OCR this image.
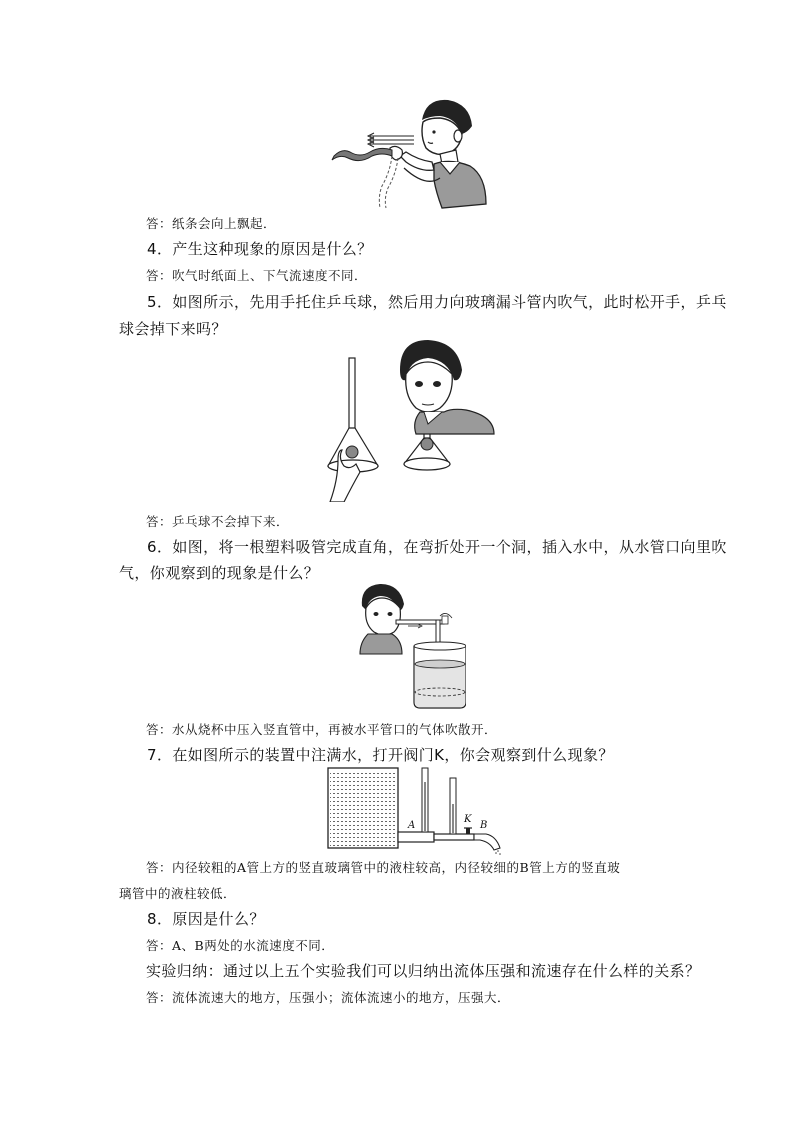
答：纸条会向上飘起．
4．产生这种现象的原因是什么？
答：吹气时纸面上、下气流速度不同．
5．如图所示，先用手托住乒乓球，然后用力向玻璃漏斗管内吹气，此时松开手，乒乓
球会掉下来吗？
答：乒乓球不会掉下来．
6．如图，将一根塑料吸管完成直角，在弯折处开一个洞，插入水中，从水管口向里吹
气，你观察到的现象是什么？
答：水从烧杯中压入竖直管中，再被水平管口的气体吹散开．
7．在如图所示的装置中注满水，打开阀门K，你会观察到什么现象？
A
K
B
答：内径较粗的A管上方的竖直玻璃管中的液柱较高，内径较细的B管上方的竖直玻
璃管中的液柱较低．
8．原因是什么？
答：A、B两处的水流速度不同．
实验归纳：通过以上五个实验我们可以归纳出流体压强和流速存在什么样的关系？
答：流体流速大的地方，压强小；流体流速小的地方，压强大．
